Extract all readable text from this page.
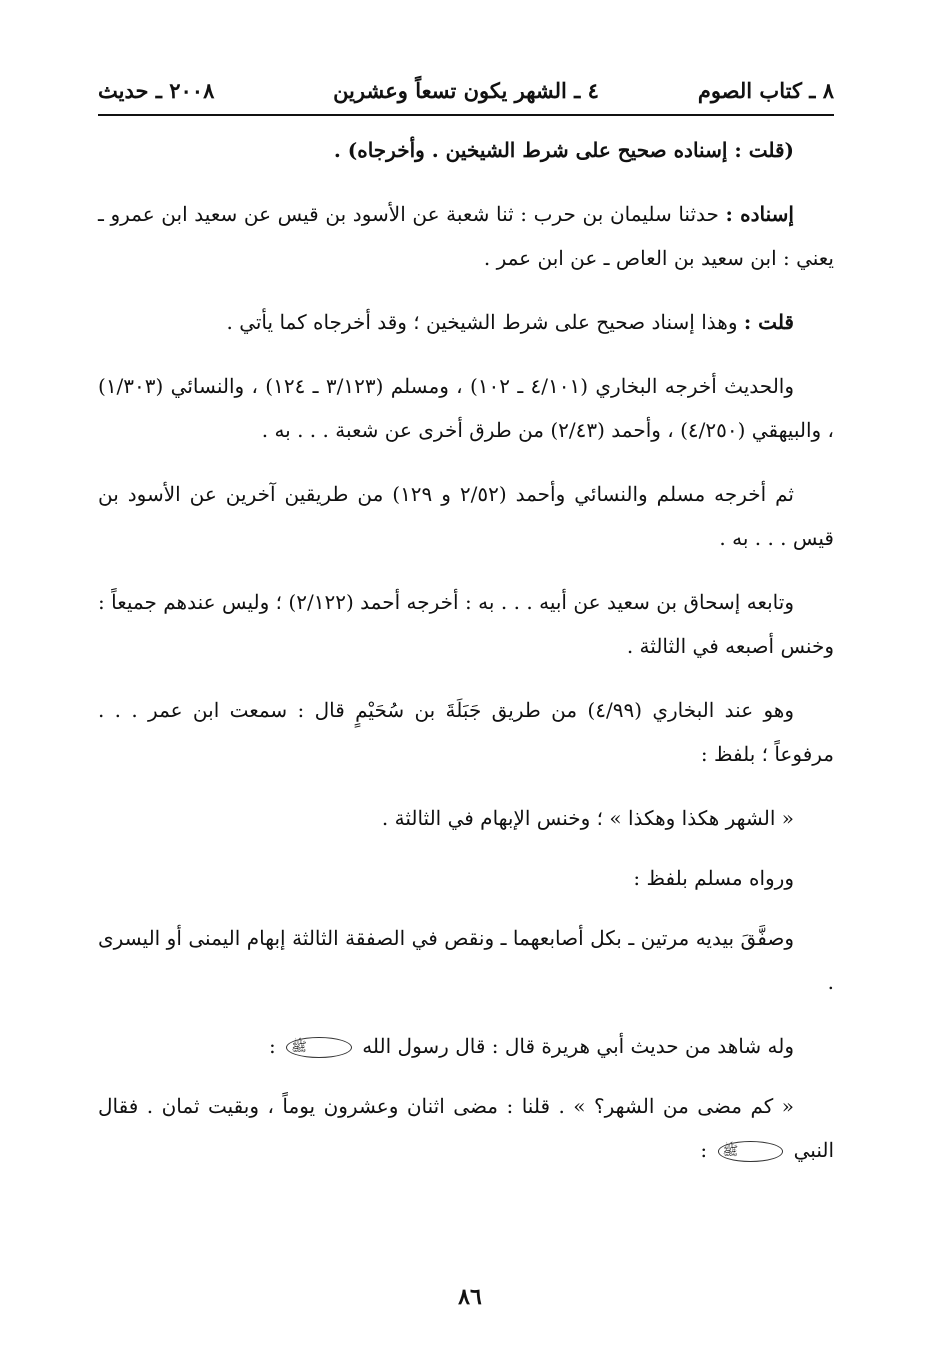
٨ ـ كتاب الصوم
٤ ـ الشهر يكون تسعاً وعشرين
٢٠٠٨ ـ حديث

(قلت : إسناده صحيح على شرط الشيخين . وأخرجاه) .

إسناده : حدثنا سليمان بن حرب : ثنا شعبة عن الأسود بن قيس عن سعيد ابن عمرو ـ يعني : ابن سعيد بن العاص ـ عن ابن عمر .

قلت : وهذا إسناد صحيح على شرط الشيخين ؛ وقد أخرجاه كما يأتي .

والحديث أخرجه البخاري (٤/١٠١ ـ ١٠٢) ، ومسلم (٣/١٢٣ ـ ١٢٤) ، والنسائي (١/٣٠٣) ، والبيهقي (٤/٢٥٠) ، وأحمد (٢/٤٣) من طرق أخرى عن شعبة . . . به .

ثم أخرجه مسلم والنسائي وأحمد (٢/٥٢ و ١٢٩) من طريقين آخرين عن الأسود بن قيس . . . به .

وتابعه إسحاق بن سعيد عن أبيه . . . به : أخرجه أحمد (٢/١٢٢) ؛ وليس عندهم جميعاً : وخنس أصبعه في الثالثة .

وهو عند البخاري (٤/٩٩) من طريق جَبَلَةَ بن سُحَيْمٍ قال : سمعت ابن عمر . . . مرفوعاً ؛ بلفظ :

« الشهر هكذا وهكذا » ؛ وخنس الإبهام في الثالثة .

ورواه مسلم بلفظ :

وصفَّقَ بيديه مرتين ـ بكل أصابعهما ـ ونقص في الصفقة الثالثة إبهام اليمنى أو اليسرى .

وله شاهد من حديث أبي هريرة قال : قال رسول الله ﷺ :

« كم مضى من الشهر؟ » . قلنا : مضى اثنان وعشرون يوماً ، وبقيت ثمان . فقال النبي ﷺ :

٨٦
